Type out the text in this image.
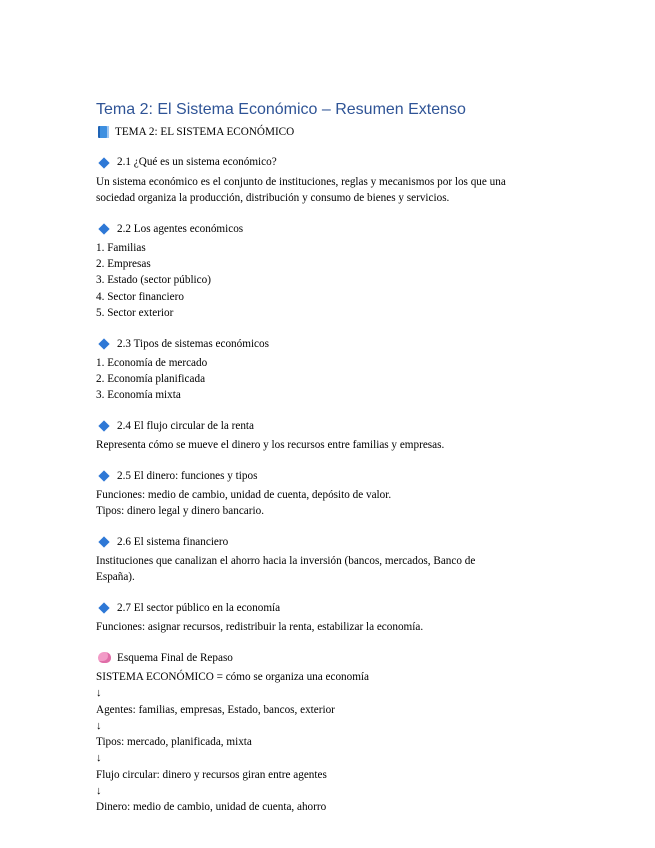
Tema 2: El Sistema Económico – Resumen Extenso

TEMA 2: EL SISTEMA ECONÓMICO

2.1 ¿Qué es un sistema económico?

Un sistema económico es el conjunto de instituciones, reglas y mecanismos por los que una

sociedad organiza la producción, distribución y consumo de bienes y servicios.

2.2 Los agentes económicos

1. Familias

2. Empresas

3. Estado (sector público)

4. Sector financiero

5. Sector exterior

2.3 Tipos de sistemas económicos

1. Economía de mercado

2. Economía planificada

3. Economía mixta

2.4 El flujo circular de la renta

Representa cómo se mueve el dinero y los recursos entre familias y empresas.

2.5 El dinero: funciones y tipos

Funciones: medio de cambio, unidad de cuenta, depósito de valor.

Tipos: dinero legal y dinero bancario.

2.6 El sistema financiero

Instituciones que canalizan el ahorro hacia la inversión (bancos, mercados, Banco de

España).

2.7 El sector público en la economía

Funciones: asignar recursos, redistribuir la renta, estabilizar la economía.

Esquema Final de Repaso

SISTEMA ECONÓMICO = cómo se organiza una economía

↓

Agentes: familias, empresas, Estado, bancos, exterior

↓

Tipos: mercado, planificada, mixta

↓

Flujo circular: dinero y recursos giran entre agentes

↓

Dinero: medio de cambio, unidad de cuenta, ahorro
